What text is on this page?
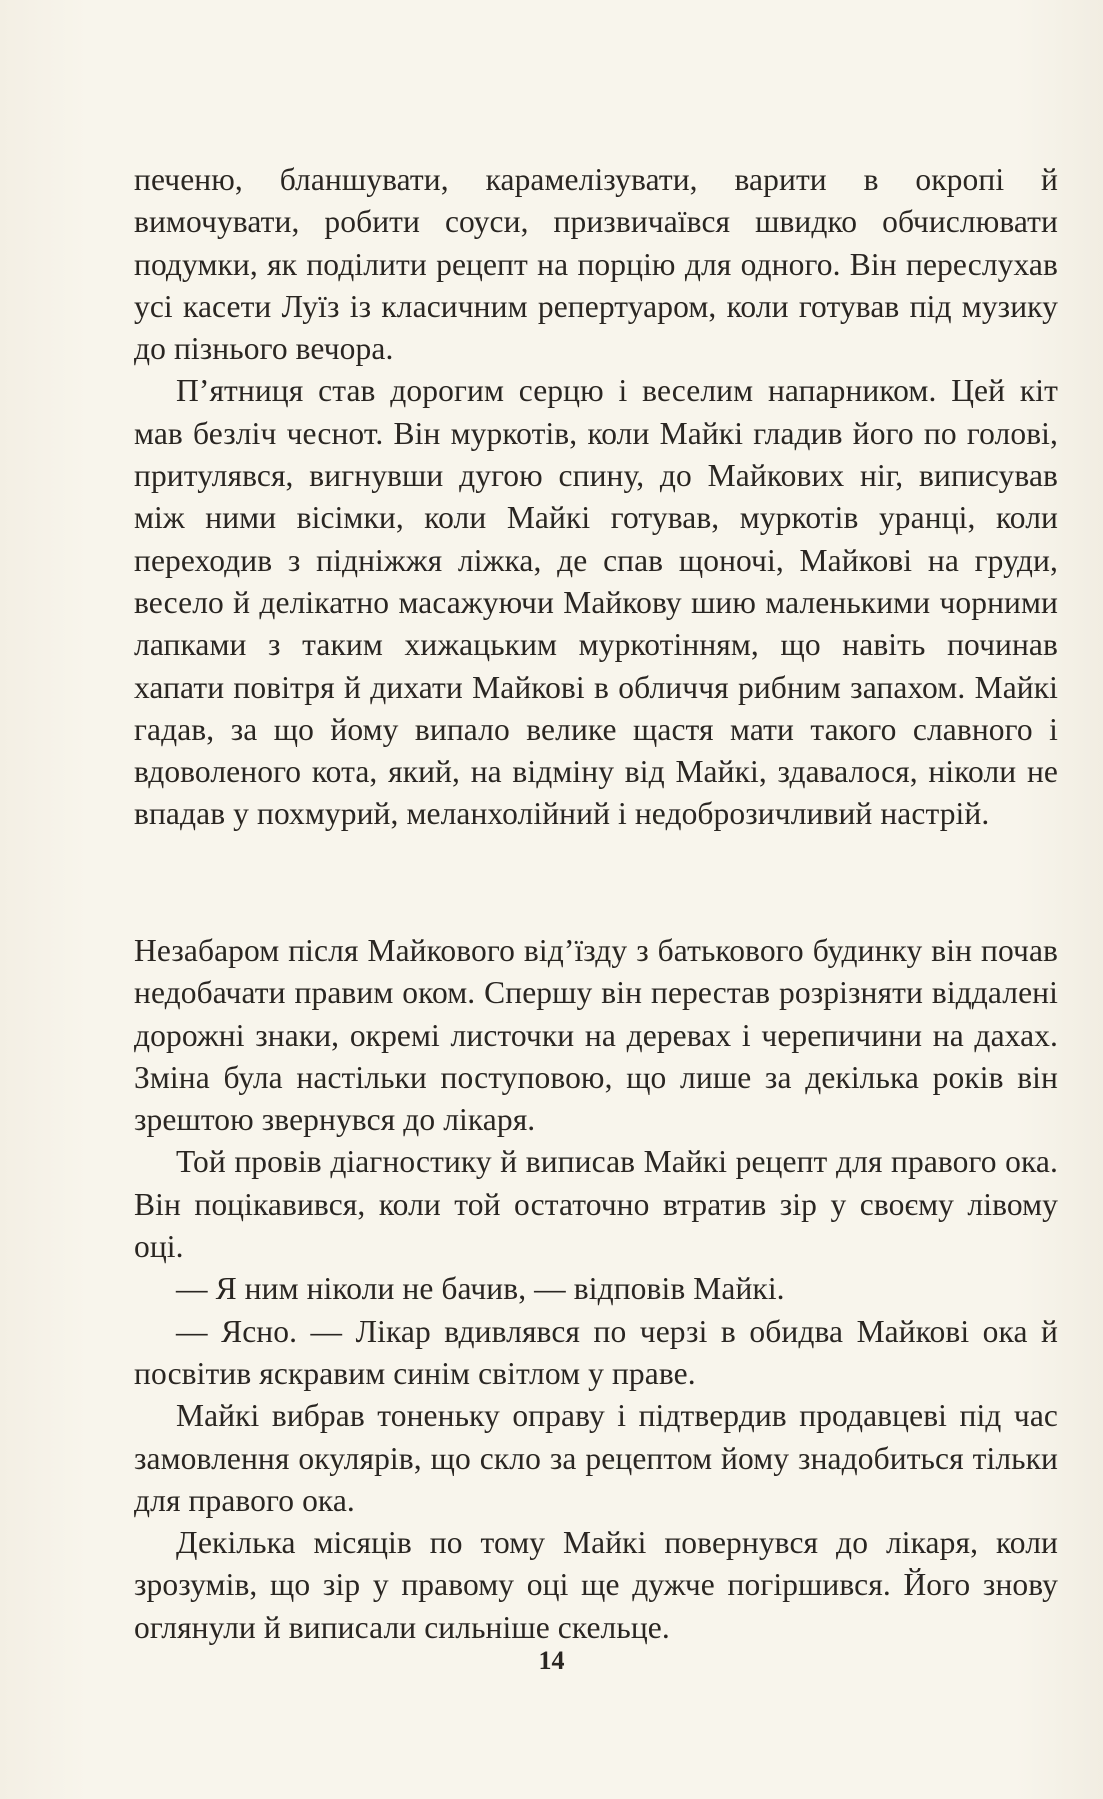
печеню, бланшувати, карамелізувати, варити в окропі й вимочувати, робити соуси, призвичаївся швидко обчислювати подумки, як поділити рецепт на порцію для одного. Він переслухав усі касети Луїз із класичним репертуаром, коли готував під музику до пізнього вечора.

П’ятниця став дорогим серцю і веселим напарником. Цей кіт мав безліч чеснот. Він муркотів, коли Майкі гладив його по голові, притулявся, вигнувши дугою спину, до Майкових ніг, виписував між ними вісімки, коли Майкі готував, муркотів уранці, коли переходив з підніжжя ліжка, де спав щоночі, Майкові на груди, весело й делікатно масажуючи Майкову шию маленькими чорними лапками з таким хижацьким муркотінням, що навіть починав хапати повітря й дихати Майкові в обличчя рибним запахом. Майкі гадав, за що йому випало велике щастя мати такого славного і вдоволеного кота, який, на відміну від Майкі, здавалося, ніколи не впадав у похмурий, меланхолійний і недоброзичливий настрій.

Незабаром після Майкового від’їзду з батькового будинку він почав недобачати правим оком. Спершу він перестав розрізняти віддалені дорожні знаки, окремі листочки на деревах і черепичини на дахах. Зміна була настільки поступовою, що лише за декілька років він зрештою звернувся до лікаря.

Той провів діагностику й виписав Майкі рецепт для правого ока. Він поцікавився, коли той остаточно втратив зір у своєму лівому оці.

— Я ним ніколи не бачив, — відповів Майкі.

— Ясно. — Лікар вдивлявся по черзі в обидва Майкові ока й посвітив яскравим синім світлом у праве.

Майкі вибрав тоненьку оправу і підтвердив продавцеві під час замовлення окулярів, що скло за рецептом йому знадобиться тільки для правого ока.

Декілька місяців по тому Майкі повернувся до лікаря, коли зрозумів, що зір у правому оці ще дужче погіршився. Його знову оглянули й виписали сильніше скельце.

14
